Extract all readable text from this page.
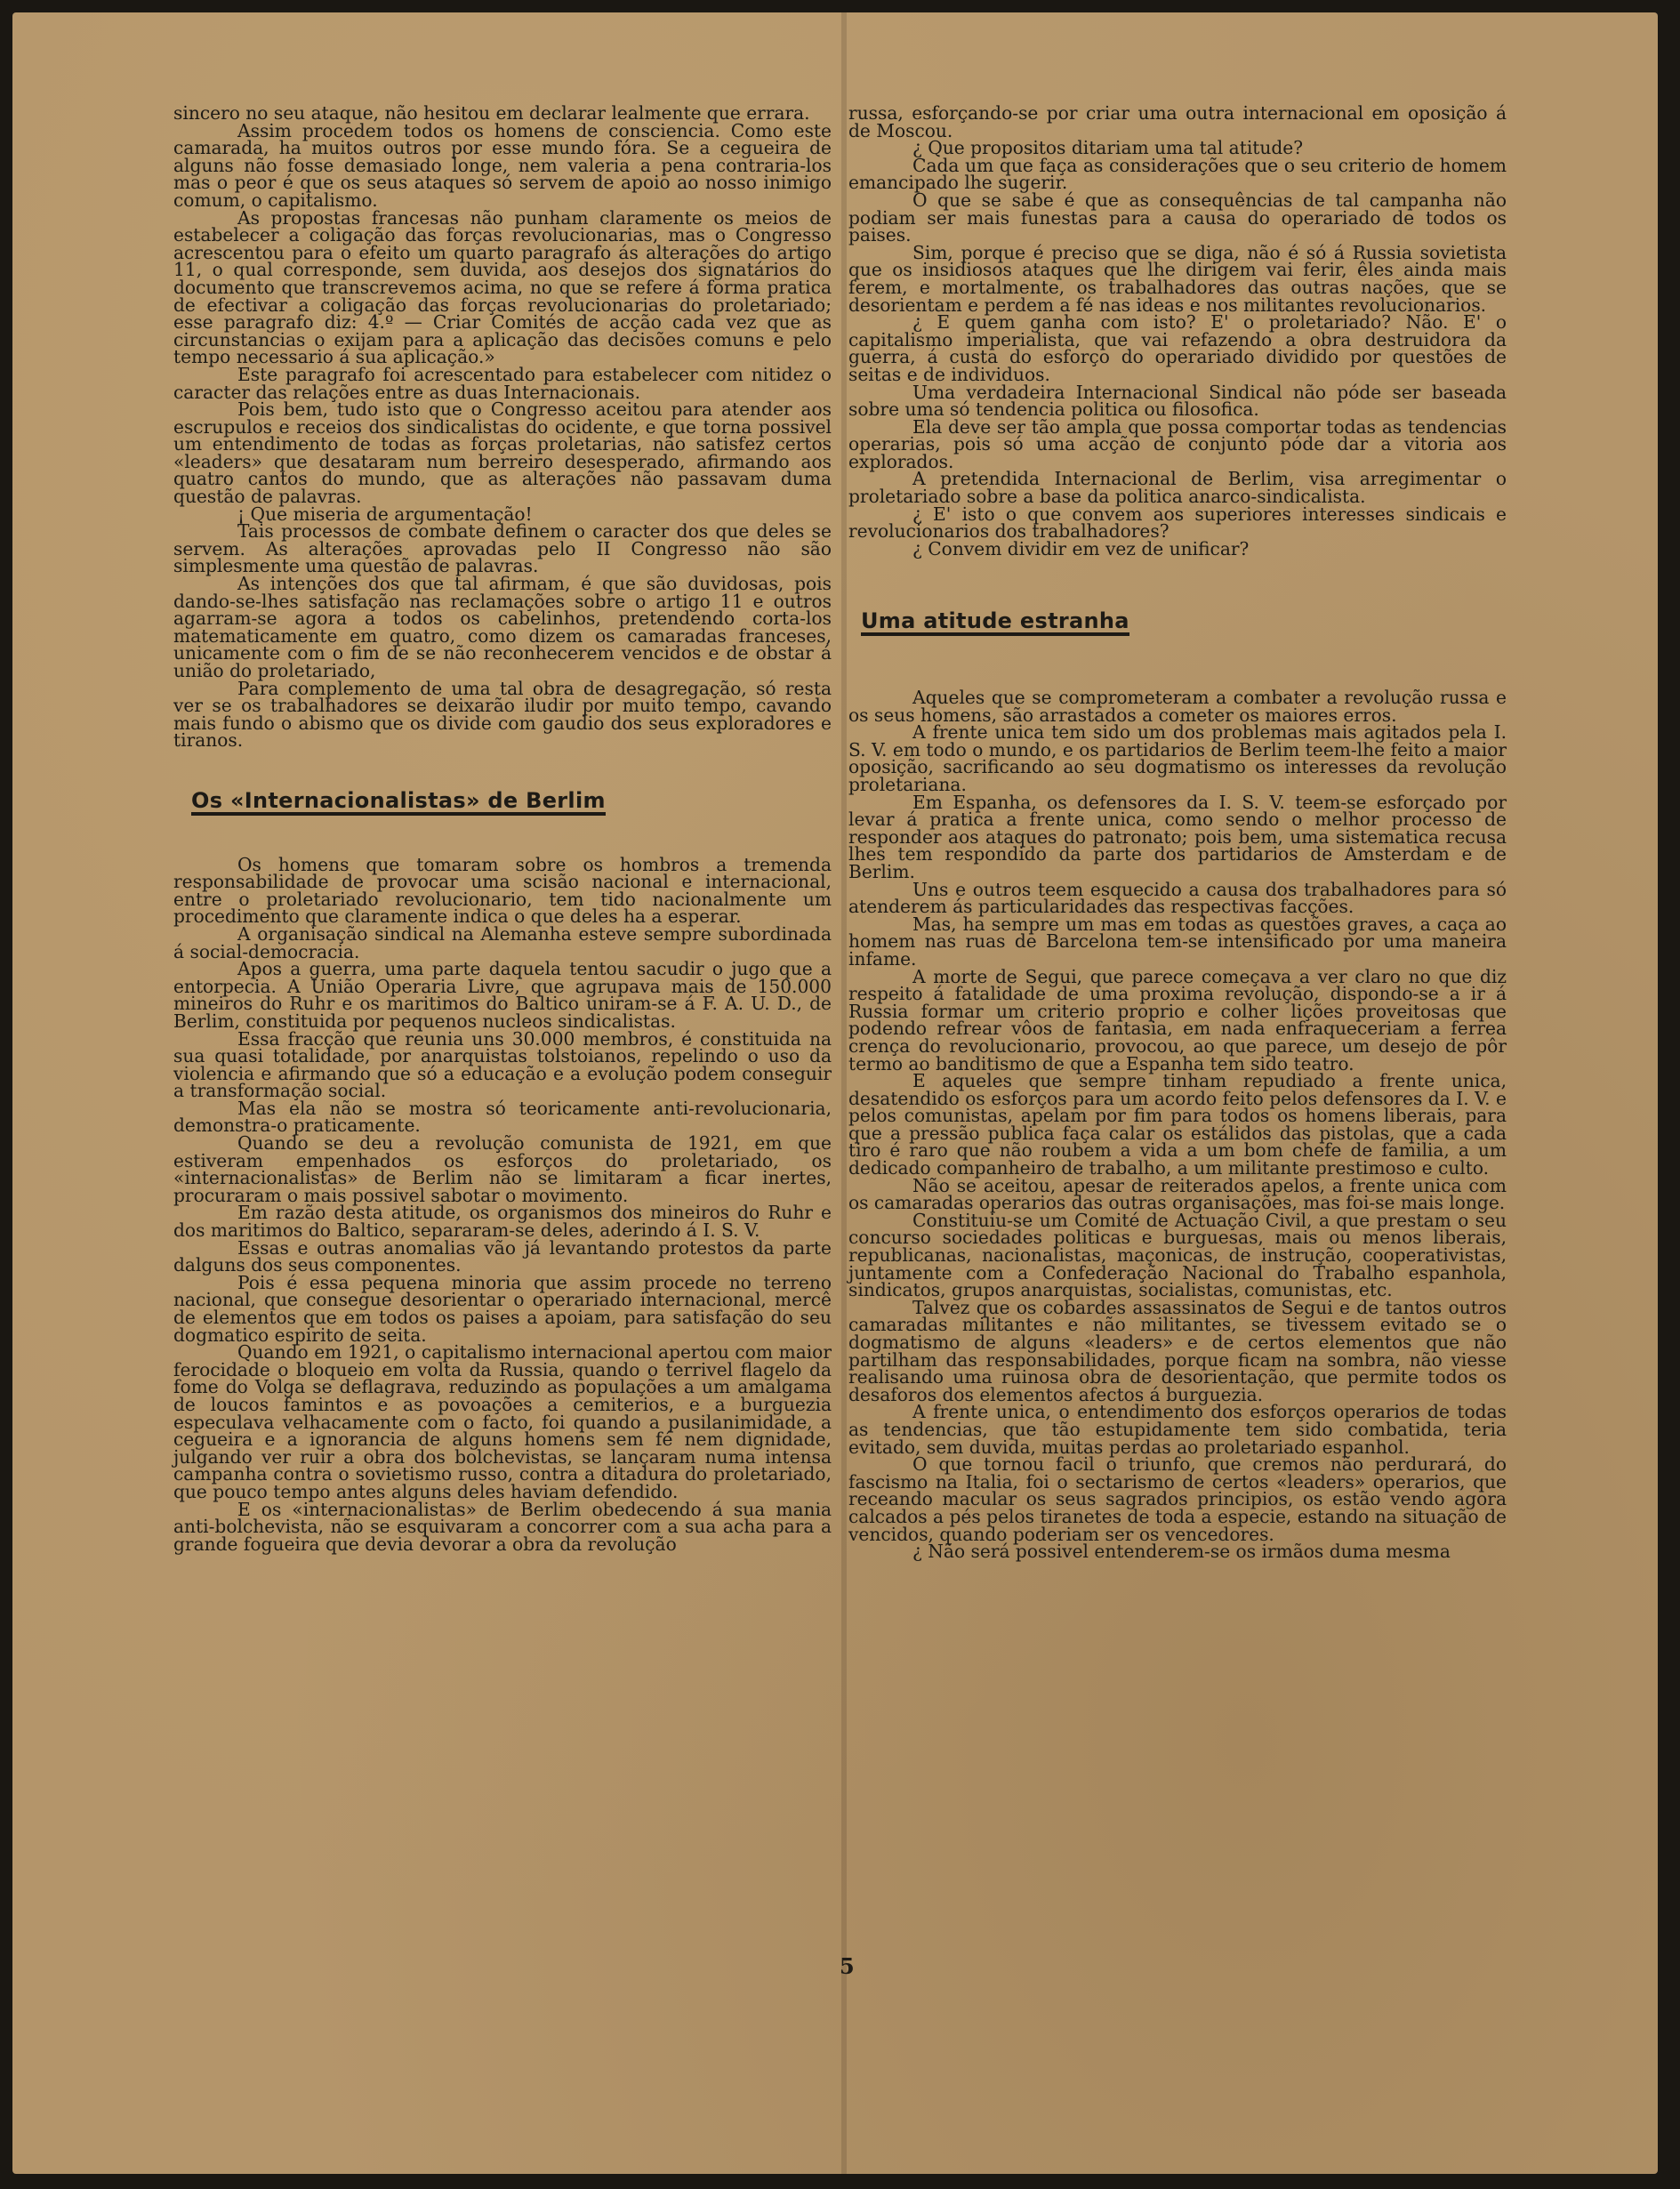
sincero no seu ataque, não hesitou em declarar lealmente que errara.

Assim procedem todos os homens de consciencia. Como este camarada, ha muitos outros por esse mundo fóra. Se a cegueira de alguns não fosse demasiado longe, nem valeria a pena contraria-los mas o peor é que os seus ataques só servem de apoio ao nosso inimigo comum, o capitalismo.

As propostas francesas não punham claramente os meios de estabelecer a coligação das forças revolucionarias, mas o Congresso acrescentou para o efeito um quarto paragrafo ás alterações do artigo 11, o qual corresponde, sem duvida, aos desejos dos signatários do documento que transcrevemos acima, no que se refere á forma pratica de efectivar a coligação das forças revolucionarias do proletariado; esse paragrafo diz: 4.º — Criar Comités de acção cada vez que as circunstancias o exijam para a aplicação das decisões comuns e pelo tempo necessario á sua aplicação.»

Este paragrafo foi acrescentado para estabelecer com nitidez o caracter das relações entre as duas Internacionais.

Pois bem, tudo isto que o Congresso aceitou para atender aos escrupulos e receios dos sindicalistas do ocidente, e que torna possivel um entendimento de todas as forças proletarias, não satisfez certos «leaders» que desataram num berreiro desesperado, afirmando aos quatro cantos do mundo, que as alterações não passavam duma questão de palavras.

¡ Que miseria de argumentação!

Tais processos de combate definem o caracter dos que deles se servem. As alterações aprovadas pelo II Congresso não são simplesmente uma questão de palavras.

As intenções dos que tal afirmam, é que são duvidosas, pois dando-se-lhes satisfação nas reclamações sobre o artigo 11 e outros agarram-se agora a todos os cabelinhos, pretendendo corta-los matematicamente em quatro, como dizem os camaradas franceses, unicamente com o fim de se não reconhecerem vencidos e de obstar á união do proletariado,

Para complemento de uma tal obra de desagregação, só resta ver se os trabalhadores se deixarão iludir por muito tempo, cavando mais fundo o abismo que os divide com gaudio dos seus exploradores e tiranos.

Os «Internacionalistas» de Berlim

Os homens que tomaram sobre os hombros a tremenda responsabilidade de provocar uma scisão nacional e internacional, entre o proletariado revolucionario, tem tido nacionalmente um procedimento que claramente indica o que deles ha a esperar.

A organisação sindical na Alemanha esteve sempre subordinada á social-democracia.

Apos a guerra, uma parte daquela tentou sacudir o jugo que a entorpecia. A União Operaria Livre, que agrupava mais de 150.000 mineiros do Ruhr e os maritimos do Baltico uniram-se á F. A. U. D., de Berlim, constituida por pequenos nucleos sindicalistas.

Essa fracção que reunia uns 30.000 membros, é constituida na sua quasi totalidade, por anarquistas tolstoianos, repelindo o uso da violencia e afirmando que só a educação e a evolução podem conseguir a transformação social.

Mas ela não se mostra só teoricamente anti-revolucionaria, demonstra-o praticamente.

Quando se deu a revolução comunista de 1921, em que estiveram empenhados os esforços do proletariado, os «internacionalistas» de Berlim não se limitaram a ficar inertes, procuraram o mais possivel sabotar o movimento.

Em razão desta atitude, os organismos dos mineiros do Ruhr e dos maritimos do Baltico, separaram-se deles, aderindo á I. S. V.

Essas e outras anomalias vão já levantando protestos da parte dalguns dos seus componentes.

Pois é essa pequena minoria que assim procede no terreno nacional, que consegue desorientar o operariado internacional, mercê de elementos que em todos os paises a apoiam, para satisfação do seu dogmatico espirito de seita.

Quando em 1921, o capitalismo internacional apertou com maior ferocidade o bloqueio em volta da Russia, quando o terrivel flagelo da fome do Volga se deflagrava, reduzindo as populações a um amalgama de loucos famintos e as povoações a cemiterios, e a burguezia especulava velhacamente com o facto, foi quando a pusilanimidade, a cegueira e a ignorancia de alguns homens sem fé nem dignidade, julgando ver ruir a obra dos bolchevistas, se lançaram numa intensa campanha contra o sovietismo russo, contra a ditadura do proletariado, que pouco tempo antes alguns deles haviam defendido.

E os «internacionalistas» de Berlim obedecendo á sua mania anti-bolchevista, não se esquivaram a concorrer com a sua acha para a grande fogueira que devia devorar a obra da revolução

russa, esforçando-se por criar uma outra internacional em oposição á de Moscou.

¿ Que propositos ditariam uma tal atitude?

Cada um que faça as considerações que o seu criterio de homem emancipado lhe sugerir.

O que se sabe é que as consequências de tal campanha não podiam ser mais funestas para a causa do operariado de todos os paises.

Sim, porque é preciso que se diga, não é só á Russia sovietista que os insidiosos ataques que lhe dirigem vai ferir, êles ainda mais ferem, e mortalmente, os trabalhadores das outras nações, que se desorientam e perdem a fé nas ideas e nos militantes revolucionarios.

¿ E quem ganha com isto? E' o proletariado? Não. E' o capitalismo imperialista, que vai refazendo a obra destruidora da guerra, á custa do esforço do operariado dividido por questões de seitas e de individuos.

Uma verdadeira Internacional Sindical não póde ser baseada sobre uma só tendencia politica ou filosofica.

Ela deve ser tão ampla que possa comportar todas as tendencias operarias, pois só uma acção de conjunto póde dar a vitoria aos explorados.

A pretendida Internacional de Berlim, visa arregimentar o proletariado sobre a base da politica anarco-sindicalista.

¿ E' isto o que convem aos superiores interesses sindicais e revolucionarios dos trabalhadores?

¿ Convem dividir em vez de unificar?

Uma atitude estranha

Aqueles que se comprometeram a combater a revolução russa e os seus homens, são arrastados a cometer os maiores erros.

A frente unica tem sido um dos problemas mais agitados pela I. S. V. em todo o mundo, e os partidarios de Berlim teem-lhe feito a maior oposição, sacrificando ao seu dogmatismo os interesses da revolução proletariana.

Em Espanha, os defensores da I. S. V. teem-se esforçado por levar á pratica a frente unica, como sendo o melhor processo de responder aos ataques do patronato; pois bem, uma sistematica recusa lhes tem respondido da parte dos partidarios de Amsterdam e de Berlim.

Uns e outros teem esquecido a causa dos trabalhadores para só atenderem ás particularidades das respectivas facções.

Mas, ha sempre um mas em todas as questões graves, a caça ao homem nas ruas de Barcelona tem-se intensificado por uma maneira infame.

A morte de Segui, que parece começava a ver claro no que diz respeito á fatalidade de uma proxima revolução, dispondo-se a ir á Russia formar um criterio proprio e colher lições proveitosas que podendo refrear vôos de fantasia, em nada enfraqueceriam a ferrea crença do revolucionario, provocou, ao que parece, um desejo de pôr termo ao banditismo de que a Espanha tem sido teatro.

E aqueles que sempre tinham repudiado a frente unica, desatendido os esforços para um acordo feito pelos defensores da I. V. e pelos comunistas, apelam por fim para todos os homens liberais, para que a pressão publica faça calar os estálidos das pistolas, que a cada tiro é raro que não roubem a vida a um bom chefe de familia, a um dedicado companheiro de trabalho, a um militante prestimoso e culto.

Não se aceitou, apesar de reiterados apelos, a frente unica com os camaradas operarios das outras organisações, mas foi-se mais longe.

Constituiu-se um Comité de Actuação Civil, a que prestam o seu concurso sociedades politicas e burguesas, mais ou menos liberais, republicanas, nacionalistas, maçonicas, de instrução, cooperativistas, juntamente com a Confederação Nacional do Trabalho espanhola, sindicatos, grupos anarquistas, socialistas, comunistas, etc.

Talvez que os cobardes assassinatos de Segui e de tantos outros camaradas militantes e não militantes, se tivessem evitado se o dogmatismo de alguns «leaders» e de certos elementos que não partilham das responsabilidades, porque ficam na sombra, não viesse realisando uma ruinosa obra de desorientação, que permite todos os desaforos dos elementos afectos á burguezia.

A frente unica, o entendimento dos esforços operarios de todas as tendencias, que tão estupidamente tem sido combatida, teria evitado, sem duvida, muitas perdas ao proletariado espanhol.

O que tornou facil o triunfo, que cremos não perdurará, do fascismo na Italia, foi o sectarismo de certos «leaders» operarios, que receando macular os seus sagrados principios, os estão vendo agora calcados a pés pelos tiranetes de toda a especie, estando na situação de vencidos, quando poderiam ser os vencedores.

¿ Não será possivel entenderem-se os irmãos duma mesma

5
